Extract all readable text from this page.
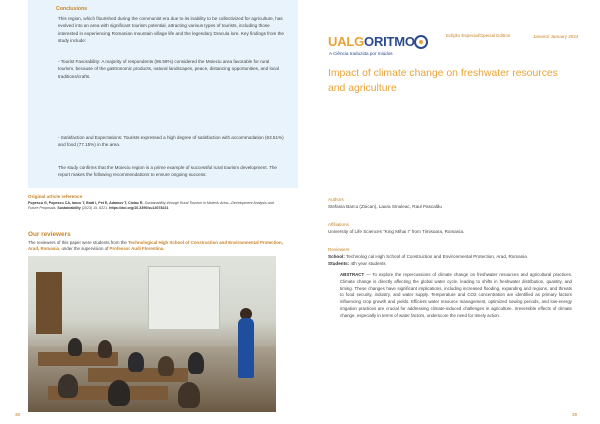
Conclusions

This region, which flourished during the communist era due to its inability to be collectivized for agriculture, has evolved into an area with significant tourism potential, attracting various types of tourists, including those interested in experiencing Romanian mountain village life and the legendary Dracula lore. Key findings from the study include:

- Tourist Favorability: A majority of respondents (86.59%) considered the Moieciu area favorable for rural tourism, because of the gastronomic products, natural landscapes, peace, distancing opportunities, and local traditions/crafts.

- Satisfaction and Expectations: Tourists expressed a high degree of satisfaction with accommodation (63.51%) and food (77.15%) in the area.

The study confirms that the Moieciu region is a prime example of successful rural tourism development. The report makes the following recommendations to ensure ongoing success:

Original article reference
Popescu G, Popescu CA, Iancu T, Bratl I, Pet E, Adamov T, Ciolac R. Sustainability through Rural Tourism in Moieciu Area—Development Analysis and Future Proposals. Sustainability (2023) 15, 8221. https://doi.org/10.3390/su14078221
Our reviewers
The reviewers of this paper were students from the Technological High School of Construction and Environmental Protection, Arad, Romania, under the supervision of Professor Audi Florentina.
38
UALGORITMO
A Ciência traduzida por miúdos
Edição Especial/Special Edition	Janeiro/ January 2024
Impact of climate change on freshwater resources and agriculture
Authors
Stefania Barcu (Zoican), Laura Smuleac, Raul Pascalău
Affiliations
University of Life Sciences "King Mihai I" from Timisoara, Romania.
Reviewers
School: Technolog cal High School of Construction and Environmental Protection, Arad, Romania
Students: 4th year students
ABSTRACT — To explore the repercussions of climate change on freshwater resources and agricultural practices. Climate change is directly affecting the global water cycle, leading to shifts in freshwater distribution, quantity, and timing. These changes have significant implications, including increased flooding, expanding arid regions, and threats to food security, industry, and water supply. Temperature and CO2 concentration are identified as primary factors influencing crop growth and yields. Efficient water resource management, optimized sowing periods, and low-energy irrigation practices are crucial for addressing climate-induced challenges in agriculture. Irreversible effects of climate change, especially in terms of water factors, underscore the need for timely action.
39
